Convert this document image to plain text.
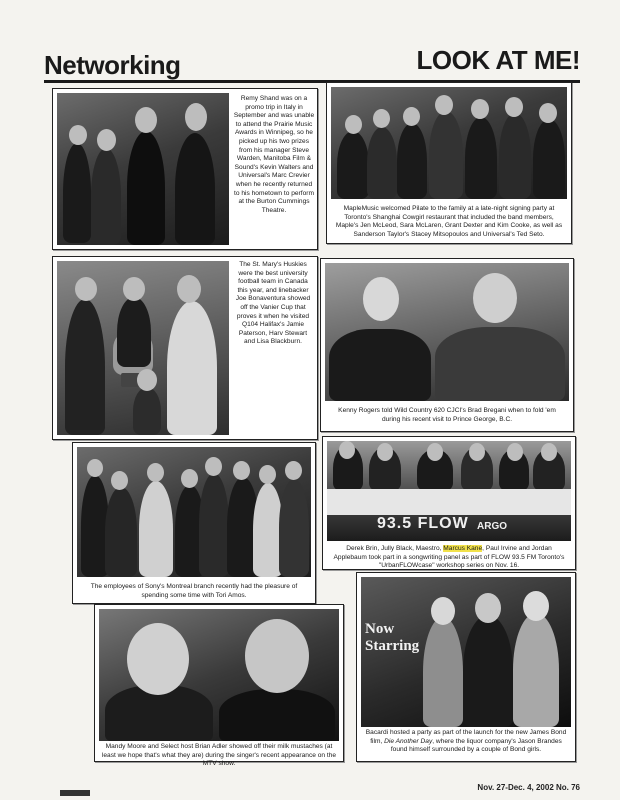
Networking	LOOK AT ME!
Remy Shand was on a promo trip in Italy in September and was unable to attend the Prairie Music Awards in Winnipeg, so he picked up his two prizes from his manager Steve Warden, Manitoba Film & Sound's Kevin Walters and Universal's Marc Crevier when he recently returned to his hometown to perform at the Burton Cummings Theatre.	MapleMusic welcomed Pilate to the family at a late-night signing party at Toronto's Shanghai Cowgirl restaurant that included the band members, Maple's Jen McLeod, Sara McLaren, Grant Dexter and Kim Cooke, as well as Sanderson Taylor's Stacey Mitsopoulos and Universal's Ted Seto.
The St. Mary's Huskies were the best university football team in Canada this year, and linebacker Joe Bonaventura showed off the Vanier Cup that proves it when he visited Q104 Halifax's Jamie Paterson, Harv Stewart and Lisa Blackburn.
Kenny Rogers told Wild Country 620 CJCI's Brad Bregani when to fold 'em during his recent visit to Prince George, B.C.
The employees of Sony's Montreal branch recently had the pleasure of spending some time with Tori Amos.
93.5 FLOW ARGO
Derek Brin, Jully Black, Maestro, Marcus Kane, Paul Irvine and Jordan Applebaum took part in a songwriting panel as part of FLOW 93.5 FM Toronto's "UrbanFLOWcase" workshop series on Nov. 16.
Mandy Moore and Select host Brian Adler showed off their milk mustaches (at least we hope that's what they are) during the singer's recent appearance on the MTV show.
Now Starring
Bacardi hosted a party as part of the launch for the new James Bond film, Die Another Day, where the liquor company's Jason Brandes found himself surrounded by a couple of Bond girls.
Nov. 27-Dec. 4, 2002 No. 76
